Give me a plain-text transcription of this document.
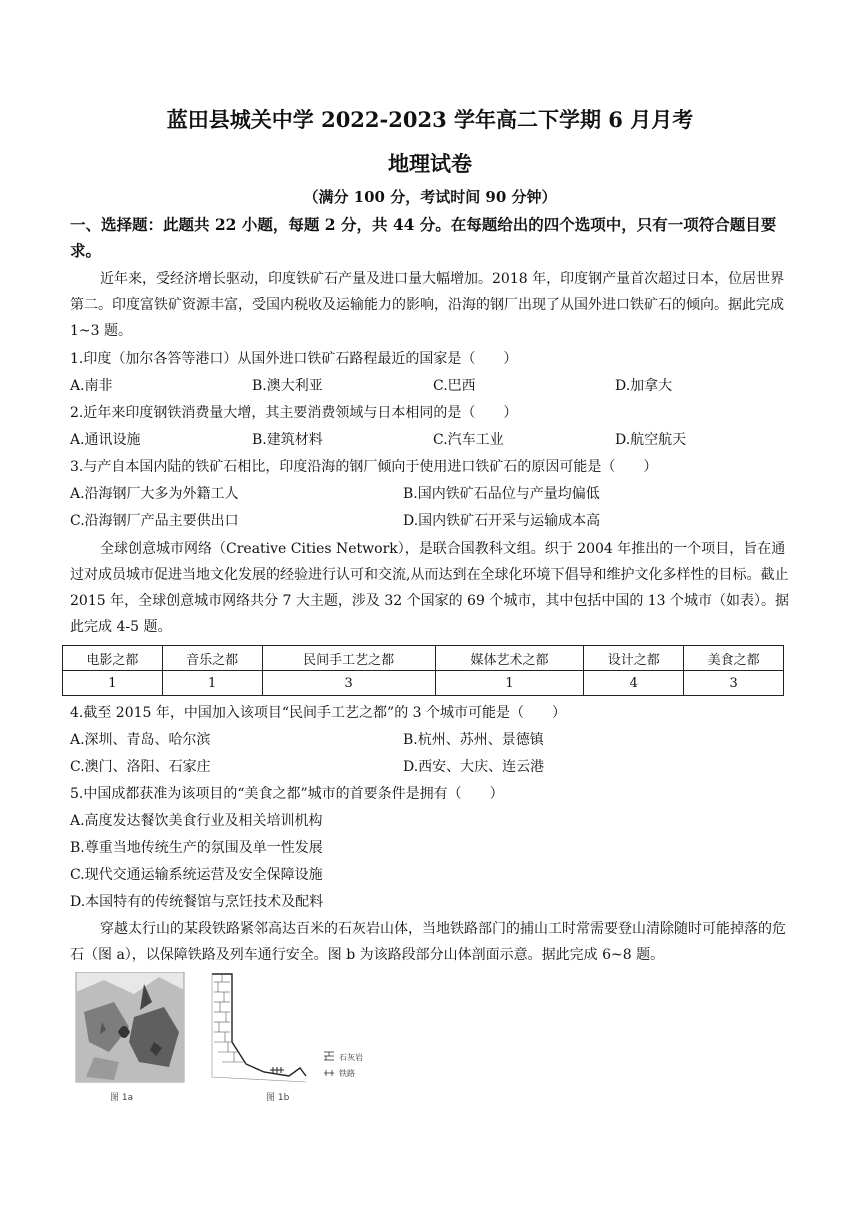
蓝田县城关中学 2022-2023 学年高二下学期 6 月月考
地理试卷
（满分 100 分，考试时间 90 分钟）
一、选择题：此题共 22 小题，每题 2 分，共 44 分。在每题给出的四个选项中，只有一项符合题目要求。
近年来，受经济增长驱动，印度铁矿石产量及进口量大幅增加。2018 年，印度钢产量首次超过日本，位居世界第二。印度富铁矿资源丰富，受国内税收及运输能力的影响，沿海的钢厂出现了从国外进口铁矿石的倾向。据此完成 1~3 题。
1.印度（加尔各答等港口）从国外进口铁矿石路程最近的国家是（　　）
A.南非	B.澳大利亚	C.巴西	D.加拿大
2.近年来印度钢铁消费量大增，其主要消费领域与日本相同的是（　　）
A.通讯设施	B.建筑材料	C.汽车工业	D.航空航天
3.与产自本国内陆的铁矿石相比，印度沿海的钢厂倾向于使用进口铁矿石的原因可能是（　　）
A.沿海钢厂大多为外籍工人	B.国内铁矿石品位与产量均偏低
C.沿海钢厂产品主要供出口	D.国内铁矿石开采与运输成本高
全球创意城市网络（Creative Cities Network），是联合国教科文组。织于 2004 年推出的一个项目，旨在通过对成员城市促进当地文化发展的经验进行认可和交流,从而达到在全球化环境下倡导和维护文化多样性的目标。截止 2015 年，全球创意城市网络共分 7 大主题，涉及 32 个国家的 69 个城市，其中包括中国的 13 个城市（如表）。据此完成 4-5 题。
电影之都	音乐之都	民间手工艺之都	媒体艺术之都	设计之都	美食之都
1	1	3	1	4	3
4.截至 2015 年，中国加入该项目“民间手工艺之都”的 3 个城市可能是（　　）
A.深圳、青岛、哈尔滨	B.杭州、苏州、景德镇
C.澳门、洛阳、石家庄	D.西安、大庆、连云港
5.中国成都获准为该项目的“美食之都”城市的首要条件是拥有（　　）
A.高度发达餐饮美食行业及相关培训机构
B.尊重当地传统生产的氛围及单一性发展
C.现代交通运输系统运营及安全保障设施
D.本国特有的传统餐馆与烹饪技术及配料
穿越太行山的某段铁路紧邻高达百米的石灰岩山体，当地铁路部门的捕山工时常需要登山清除随时可能掉落的危石（图 a），以保障铁路及列车通行安全。图 b 为该路段部分山体剖面示意。据此完成 6~8 题。
石灰岩
铁路
图 1a	图 1b
